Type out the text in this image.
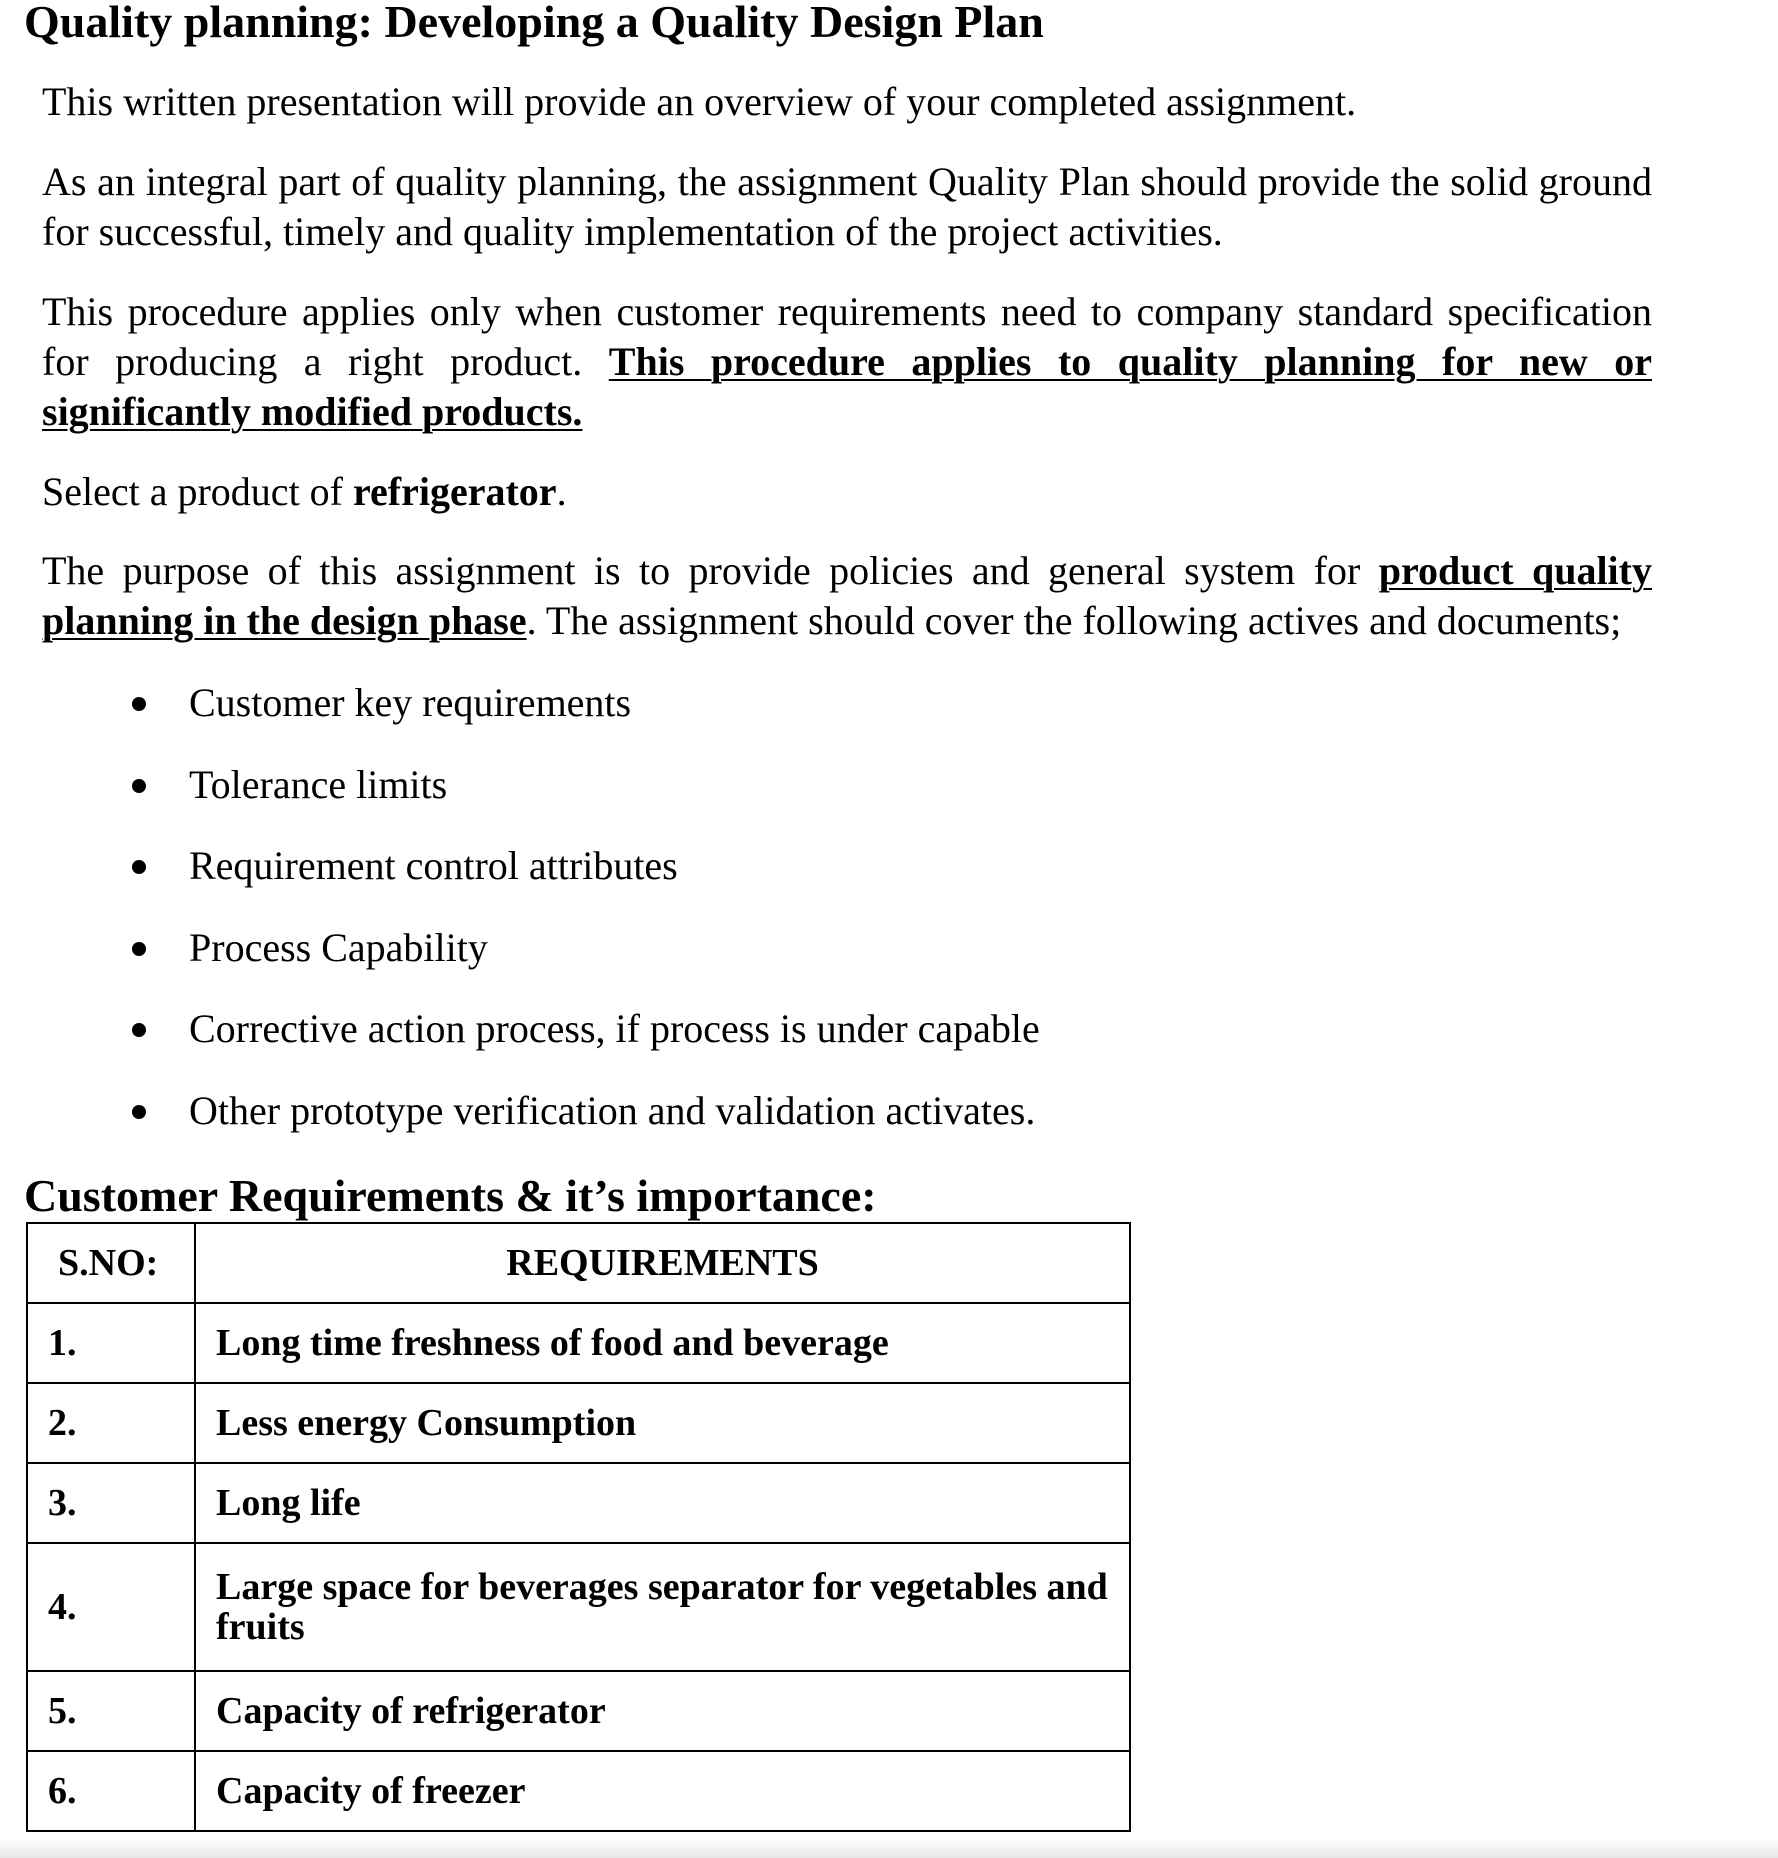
Quality planning: Developing a Quality Design Plan

This written presentation will provide an overview of your completed assignment.

As an integral part of quality planning, the assignment Quality Plan should provide the solid ground for successful, timely and quality implementation of the project activities.

This procedure applies only when customer requirements need to company standard specification for producing a right product. This procedure applies to quality planning for new or significantly modified products.

Select a product of refrigerator.

The purpose of this assignment is to provide policies and general system for product quality planning in the design phase. The assignment should cover the following actives and documents;

Customer key requirements
Tolerance limits
Requirement control attributes
Process Capability
Corrective action process, if process is under capable
Other prototype verification and validation activates.
Customer Requirements & it’s importance:
S.NO:	REQUIREMENTS
1.	Long time freshness of food and beverage
2.	Less energy Consumption
3.	Long life
4.	Large space for beverages separator for vegetables and fruits
5.	Capacity of refrigerator
6.	Capacity of freezer
